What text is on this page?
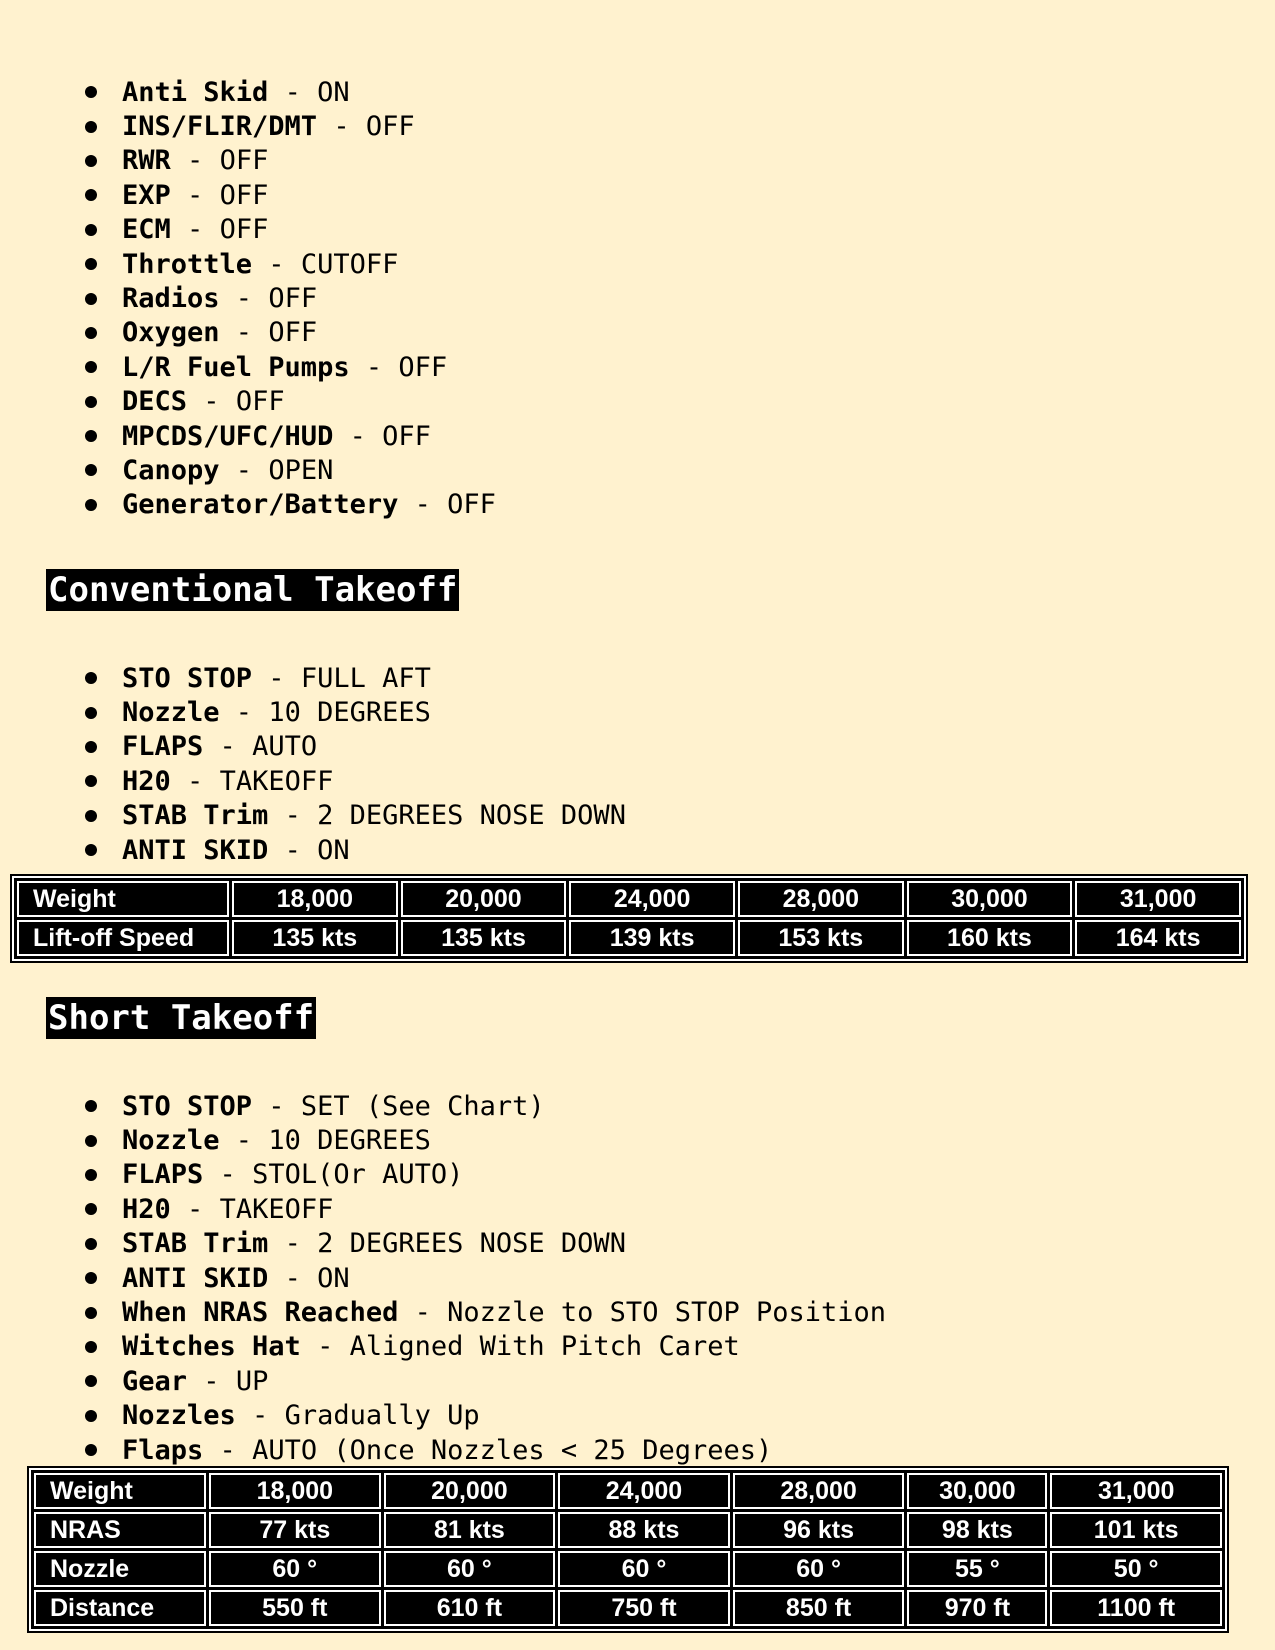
Anti Skid - ON
INS/FLIR/DMT - OFF
RWR - OFF
EXP - OFF
ECM - OFF
Throttle - CUTOFF
Radios - OFF
Oxygen - OFF
L/R Fuel Pumps - OFF
DECS - OFF
MPCDS/UFC/HUD - OFF
Canopy - OPEN
Generator/Battery - OFF
Conventional Takeoff
STO STOP - FULL AFT
Nozzle - 10 DEGREES
FLAPS - AUTO
H20 - TAKEOFF
STAB Trim - 2 DEGREES NOSE DOWN
ANTI SKID - ON
Weight	18,000	20,000	24,000	28,000	30,000	31,000
Lift-off Speed	135 kts	135 kts	139 kts	153 kts	160 kts	164 kts
Short Takeoff
STO STOP - SET (See Chart)
Nozzle - 10 DEGREES
FLAPS - STOL(Or AUTO)
H20 - TAKEOFF
STAB Trim - 2 DEGREES NOSE DOWN
ANTI SKID - ON
When NRAS Reached - Nozzle to STO STOP Position
Witches Hat - Aligned With Pitch Caret
Gear - UP
Nozzles - Gradually Up
Flaps - AUTO (Once Nozzles < 25 Degrees)
Weight	18,000	20,000	24,000	28,000	30,000	31,000
NRAS	77 kts	81 kts	88 kts	96 kts	98 kts	101 kts
Nozzle	60 °	60 °	60 °	60 °	55 °	50 °
Distance	550 ft	610 ft	750 ft	850 ft	970 ft	1100 ft
